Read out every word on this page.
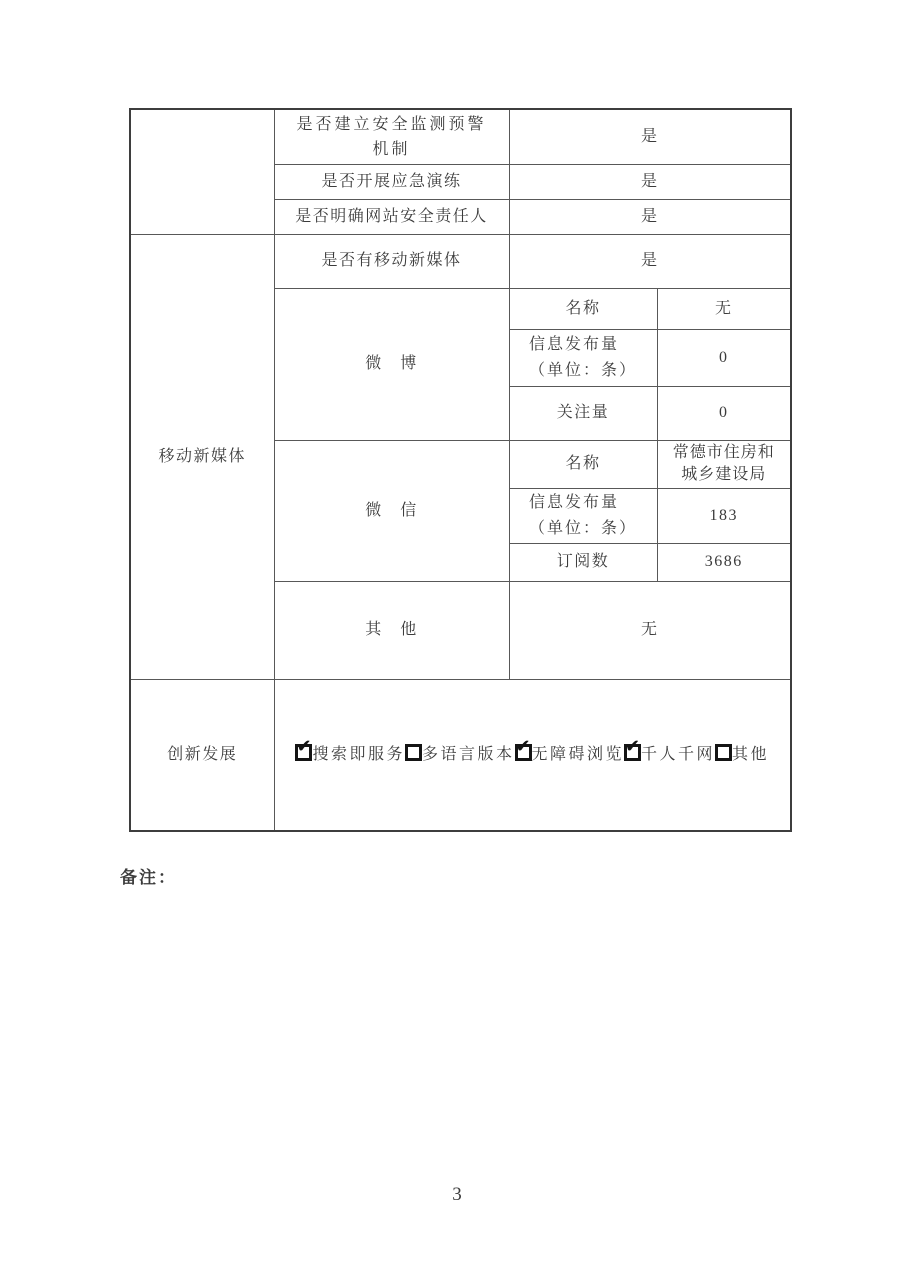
	是否建立安全监测预警
机制	是	
	是否开展应急演练	是	
	是否明确网站安全责任人	是	
移动新媒体	是否有移动新媒体	是	
	微　博	名称	无

		信息发布量
（单位：条）	0
		关注量	0
	微　信	名称	常德市住房和
城乡建设局

		信息发布量
（单位：条）	183
		订阅数	3686
	其　他	无	
创新发展	✔ 搜索即服务 多语言版本 ✔ 无障碍浏览 ✔ 千人千网 其他
备注：
3
